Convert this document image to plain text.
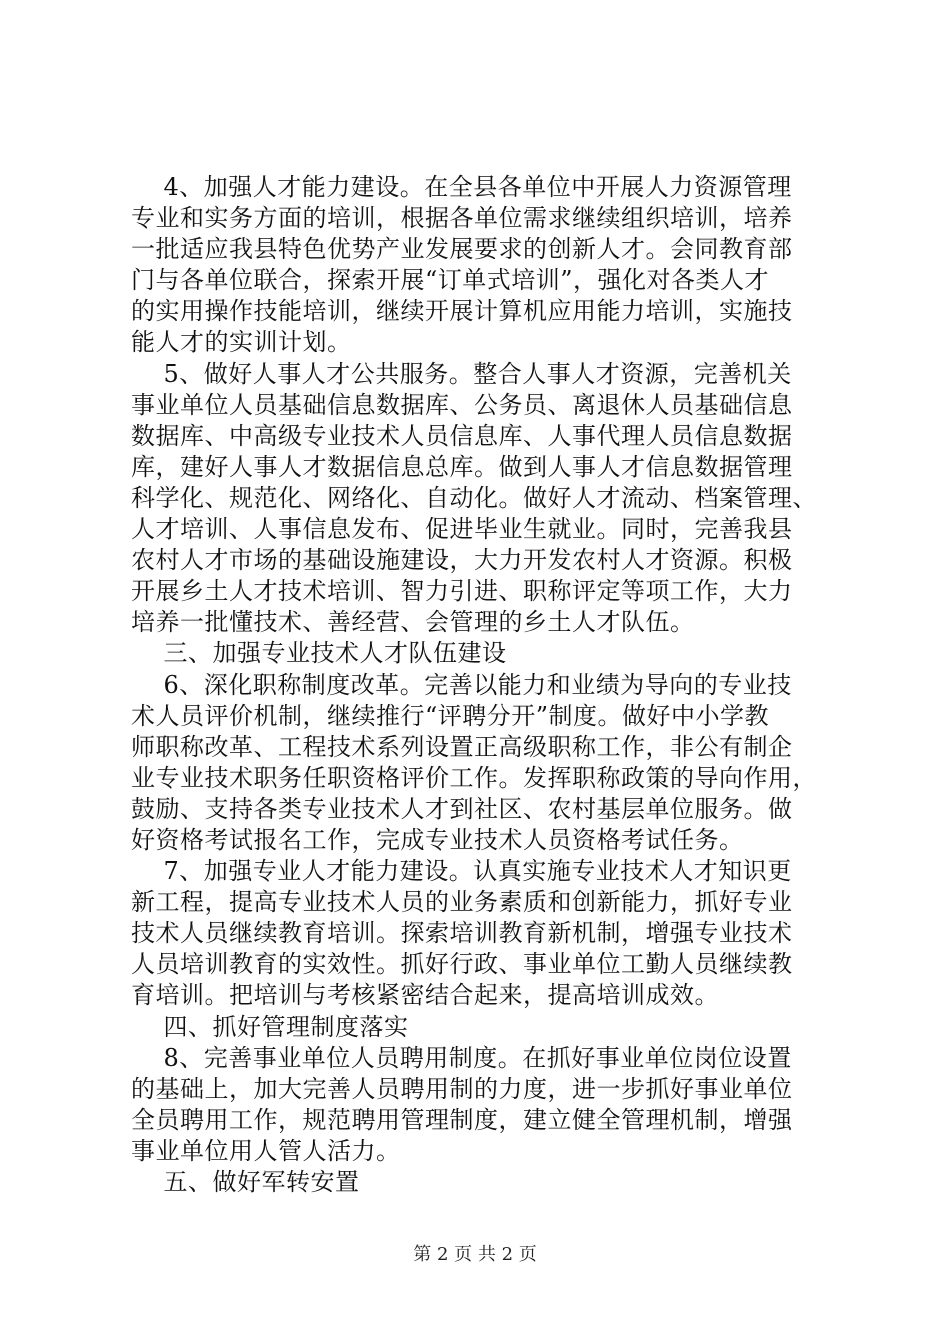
4、加强人才能力建设。在全县各单位中开展人力资源管理
专业和实务方面的培训，根据各单位需求继续组织培训，培养
一批适应我县特色优势产业发展要求的创新人才。会同教育部
门与各单位联合，探索开展“订单式培训”，强化对各类人才
的实用操作技能培训，继续开展计算机应用能力培训，实施技
能人才的实训计划。
5、做好人事人才公共服务。整合人事人才资源，完善机关
事业单位人员基础信息数据库、公务员、离退休人员基础信息
数据库、中高级专业技术人员信息库、人事代理人员信息数据
库，建好人事人才数据信息总库。做到人事人才信息数据管理
科学化、规范化、网络化、自动化。做好人才流动、档案管理、
人才培训、人事信息发布、促进毕业生就业。同时，完善我县
农村人才市场的基础设施建设，大力开发农村人才资源。积极
开展乡土人才技术培训、智力引进、职称评定等项工作，大力
培养一批懂技术、善经营、会管理的乡土人才队伍。
三、加强专业技术人才队伍建设
6、深化职称制度改革。完善以能力和业绩为导向的专业技
术人员评价机制，继续推行“评聘分开”制度。做好中小学教
师职称改革、工程技术系列设置正高级职称工作，非公有制企
业专业技术职务任职资格评价工作。发挥职称政策的导向作用，
鼓励、支持各类专业技术人才到社区、农村基层单位服务。做
好资格考试报名工作，完成专业技术人员资格考试任务。
7、加强专业人才能力建设。认真实施专业技术人才知识更
新工程，提高专业技术人员的业务素质和创新能力，抓好专业
技术人员继续教育培训。探索培训教育新机制，增强专业技术
人员培训教育的实效性。抓好行政、事业单位工勤人员继续教
育培训。把培训与考核紧密结合起来，提高培训成效。
四、抓好管理制度落实
8、完善事业单位人员聘用制度。在抓好事业单位岗位设置
的基础上，加大完善人员聘用制的力度，进一步抓好事业单位
全员聘用工作，规范聘用管理制度，建立健全管理机制，增强
事业单位用人管人活力。
五、做好军转安置
第 2 页 共 2 页
